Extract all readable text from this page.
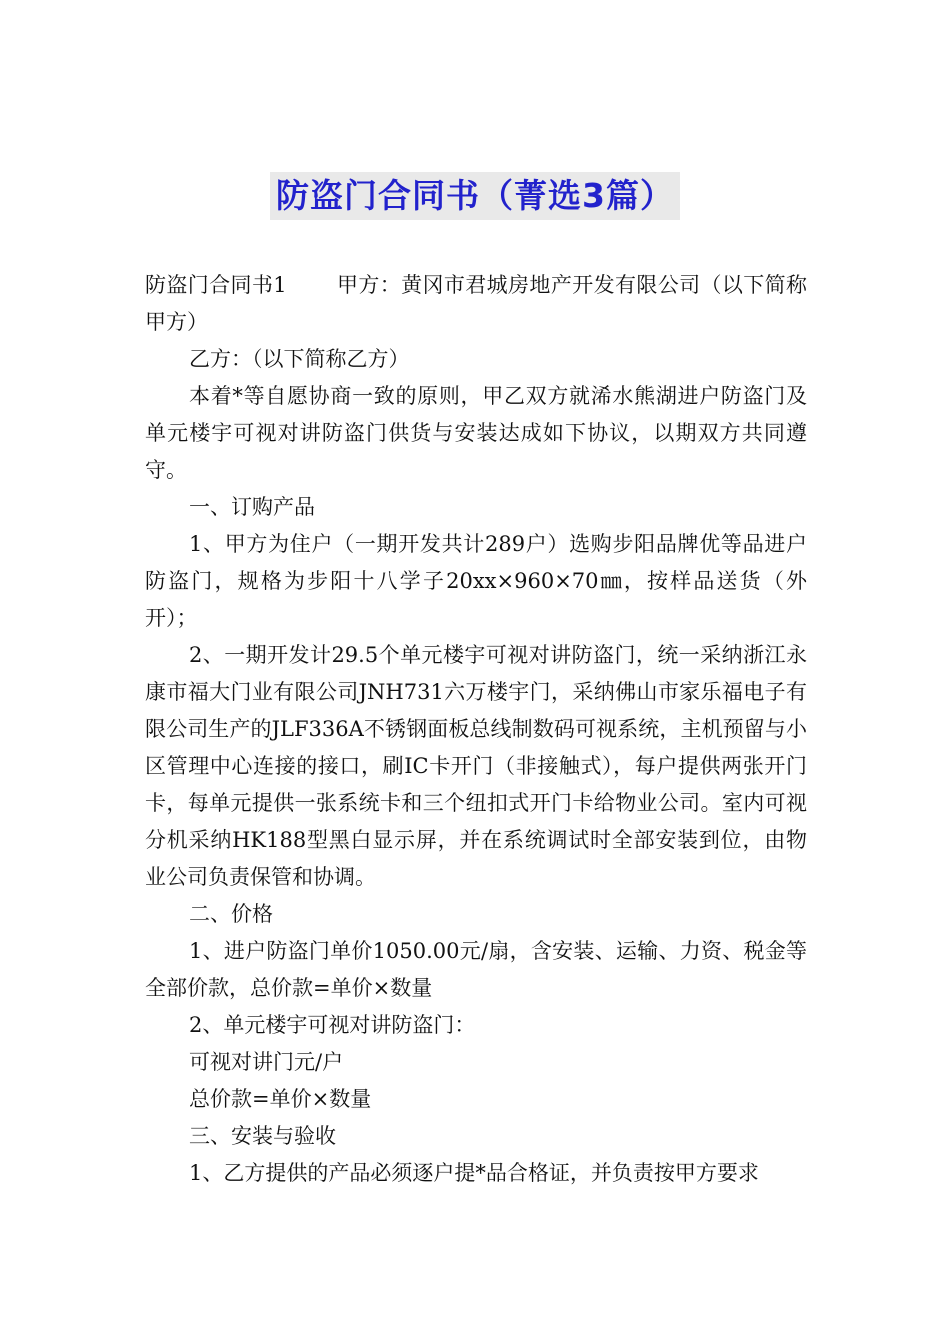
防盗门合同书（菁选3篇）

防盗门合同书1 甲方：黄冈市君城房地产开发有限公司（以下简称甲方）

乙方：（以下简称乙方）

本着*等自愿协商一致的原则，甲乙双方就浠水熊湖进户防盗门及单元楼宇可视对讲防盗门供货与安装达成如下协议，以期双方共同遵守。

一、订购产品

1、甲方为住户（一期开发共计289户）选购步阳品牌优等品进户防盗门，规格为步阳十八学子20xx×960×70㎜，按样品送货（外开）；

2、一期开发计29.5个单元楼宇可视对讲防盗门，统一采纳浙江永康市福大门业有限公司JNH731六万楼宇门，采纳佛山市家乐福电子有限公司生产的JLF336A不锈钢面板总线制数码可视系统，主机预留与小区管理中心连接的接口，刷IC卡开门（非接触式），每户提供两张开门卡，每单元提供一张系统卡和三个纽扣式开门卡给物业公司。室内可视分机采纳HK188型黑白显示屏，并在系统调试时全部安装到位，由物业公司负责保管和协调。

二、价格

1、进户防盗门单价1050.00元/扇，含安装、运输、力资、税金等全部价款，总价款=单价×数量

2、单元楼宇可视对讲防盗门：

可视对讲门元/户

总价款=单价×数量

三、安装与验收

1、乙方提供的产品必须逐户提*品合格证，并负责按甲方要求
